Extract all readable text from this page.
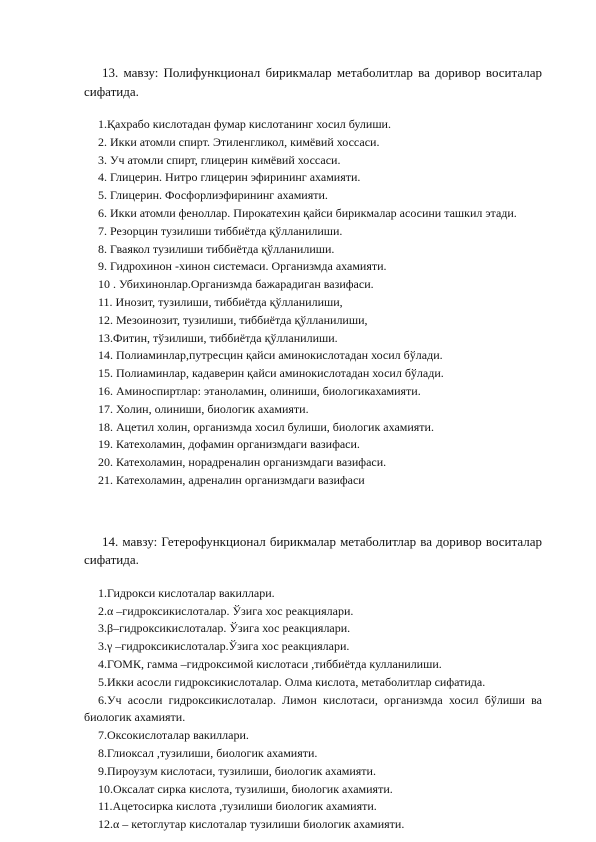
13. мавзу: Полифункционал бирикмалар метаболитлар ва доривор воситалар сифатида.

1.Қахрабо кислотадан фумар кислотанинг хосил булиши.
2. Икки атомли спирт. Этиленгликол, кимёвий хоссаси.
3. Уч атомли спирт, глицерин кимёвий хоссаси.
4. Глицерин. Нитро глицерин эфирининг ахамияти.
5. Глицерин. Фосфорлиэфирининг ахамияти.
6. Икки атомли феноллар. Пирокатехин қайси бирикмалар асосини ташкил этади.
7. Резорцин тузилиши тиббиётда қўлланилиши.
8. Гваякол тузилиши тиббиётда қўлланилиши.
9. Гидрохинон -хинон системаси. Организмда ахамияти.
10 . Убихинонлар.Организмда бажарадиган вазифаси.
11. Инозит, тузилиши, тиббиётда қўлланилиши,
12. Мезоинозит, тузилиши, тиббиётда қўлланилиши,
13.Фитин, тўзилиши, тиббиётда қўлланилиши.
14. Полиаминлар,путресцин қайси аминокислотадан хосил бўлади.
15. Полиаминлар, кадаверин қайси аминокислотадан хосил бўлади.
16. Аминоспиртлар: этаноламин, олиниши, биологикахамияти.
17. Холин, олиниши, биологик ахамияти.
18. Ацетил холин, организмда хосил булиши, биологик ахамияти.
19. Катехоламин, дофамин организмдаги вазифаси.
20. Катехоламин, норадреналин организмдаги вазифаси.
21. Катехоламин, адреналин организмдаги вазифаси

14. мавзу: Гетерофункционал бирикмалар метаболитлар ва доривор воситалар сифатида.

1.Гидрокси кислоталар вакиллари.
2.α –гидроксикислоталар. Ўзига хос реакциялари.
3.β–гидроксикислоталар. Ўзига хос реакциялари.
3.γ –гидроксикислоталар.Ўзига хос реакциялари.
4.ГОМК, гамма –гидроксимой кислотаси ,тиббиётда кулланилиши.
5.Икки асосли гидроксикислоталар. Олма кислота, метаболитлар сифатида.
6.Уч асосли гидроксикислоталар. Лимон кислотаси, организмда хосил бўлиши ва биологик ахамияти.
7.Оксокислоталар вакиллари.
8.Глиоксал ,тузилиши, биологик ахамияти.
9.Пироузум кислотаси, тузилиши, биологик ахамияти.
10.Оксалат сирка кислота, тузилиши, биологик ахамияти.
11.Ацетосирка кислота ,тузилиши биологик ахамияти.
12.α – кетоглутар кислоталар тузилиши биологик ахамияти.
